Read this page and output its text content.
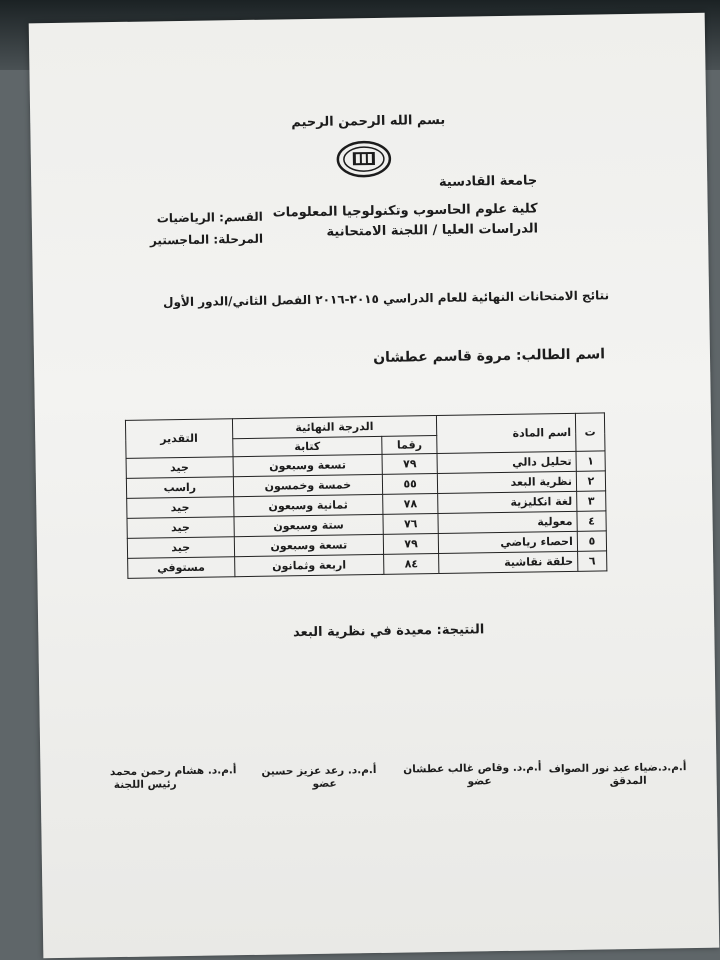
بسم الله الرحمن الرحيم
جامعة القادسية
كلية علوم الحاسوب وتكنولوجيا المعلومات
الدراسات العليا / اللجنة الامتحانية
القسم: الرياضيات
المرحلة: الماجستير
نتائج الامتحانات النهائية للعام الدراسي ٢٠١٥-٢٠١٦ الفصل الثاني/الدور الأول
اسم الطالب: مروة قاسم عطشان
ت	اسم المادة	الدرجة النهائية		التقدير
		رقما	كتابة	
١	تحليل دالي	٧٩	تسعة وسبعون	جيد
٢	نظرية البعد	٥٥	خمسة وخمسون	راسب
٣	لغة انكليزية	٧٨	ثمانية وسبعون	جيد
٤	معولية	٧٦	ستة وسبعون	جيد
٥	احصاء رياضي	٧٩	تسعة وسبعون	جيد
٦	حلقة نقاشية	٨٤	اربعة وثمانون	مستوفي
النتيجة: معيدة في نظرية البعد
أ.م.د.ضياء عبد نور الصواف
المدقق
أ.م.د. وقاص غالب عطشان
عضو
أ.م.د. رعد عزيز حسين
عضو
أ.م.د. هشام رحمن محمد
رئيس اللجنة
